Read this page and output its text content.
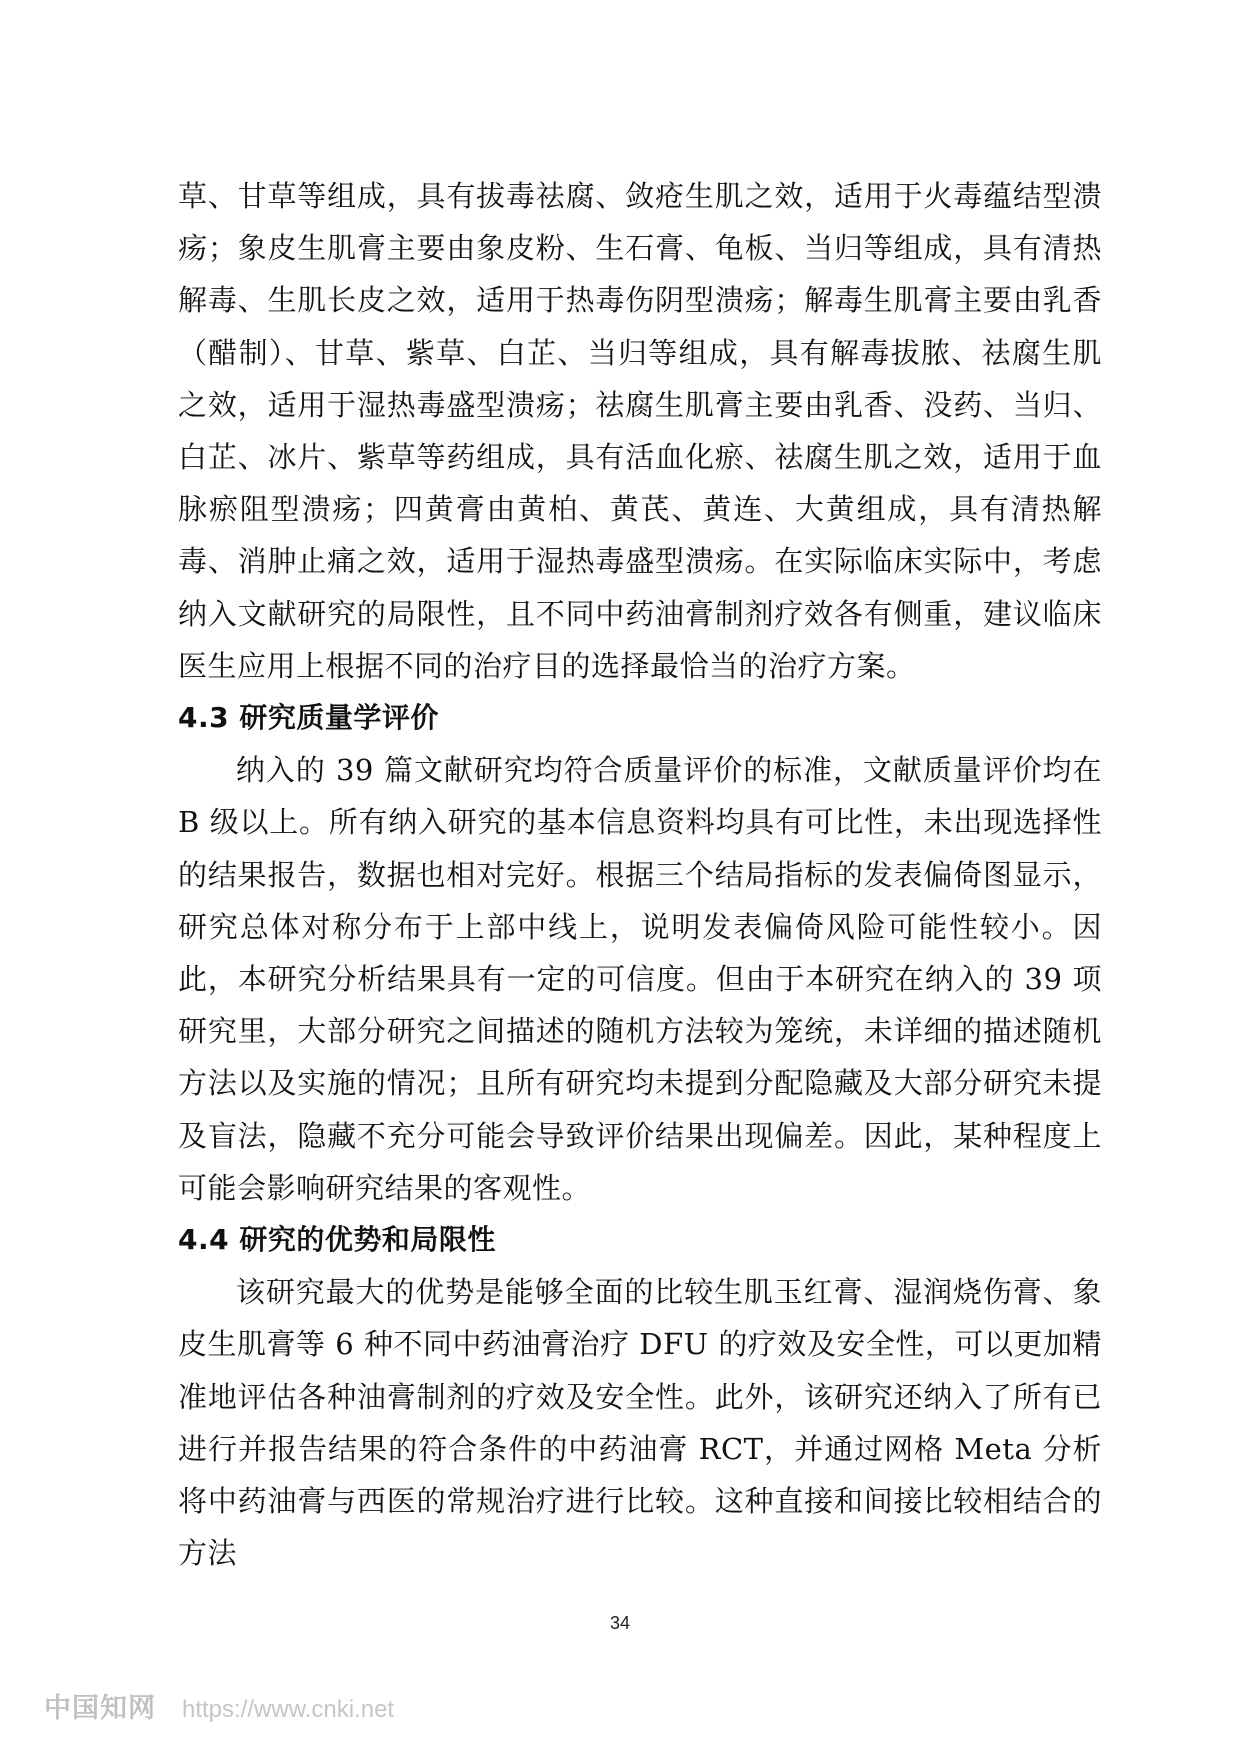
草、甘草等组成，具有拔毒祛腐、敛疮生肌之效，适用于火毒蕴结型溃疡；象皮生肌膏主要由象皮粉、生石膏、龟板、当归等组成，具有清热解毒、生肌长皮之效，适用于热毒伤阴型溃疡；解毒生肌膏主要由乳香（醋制）、甘草、紫草、白芷、当归等组成，具有解毒拔脓、祛腐生肌之效，适用于湿热毒盛型溃疡；祛腐生肌膏主要由乳香、没药、当归、白芷、冰片、紫草等药组成，具有活血化瘀、祛腐生肌之效，适用于血脉瘀阻型溃疡；四黄膏由黄柏、黄芪、黄连、大黄组成，具有清热解毒、消肿止痛之效，适用于湿热毒盛型溃疡。在实际临床实际中，考虑纳入文献研究的局限性，且不同中药油膏制剂疗效各有侧重，建议临床医生应用上根据不同的治疗目的选择最恰当的治疗方案。

4.3 研究质量学评价

纳入的 39 篇文献研究均符合质量评价的标准，文献质量评价均在 B 级以上。所有纳入研究的基本信息资料均具有可比性，未出现选择性的结果报告，数据也相对完好。根据三个结局指标的发表偏倚图显示，研究总体对称分布于上部中线上，说明发表偏倚风险可能性较小。因此，本研究分析结果具有一定的可信度。但由于本研究在纳入的 39 项研究里，大部分研究之间描述的随机方法较为笼统，未详细的描述随机方法以及实施的情况；且所有研究均未提到分配隐藏及大部分研究未提及盲法，隐藏不充分可能会导致评价结果出现偏差。因此，某种程度上可能会影响研究结果的客观性。

4.4 研究的优势和局限性

该研究最大的优势是能够全面的比较生肌玉红膏、湿润烧伤膏、象皮生肌膏等 6 种不同中药油膏治疗 DFU 的疗效及安全性，可以更加精准地评估各种油膏制剂的疗效及安全性。此外，该研究还纳入了所有已进行并报告结果的符合条件的中药油膏 RCT，并通过网格 Meta 分析将中药油膏与西医的常规治疗进行比较。这种直接和间接比较相结合的方法

34
中国知网 https://www.cnki.net
